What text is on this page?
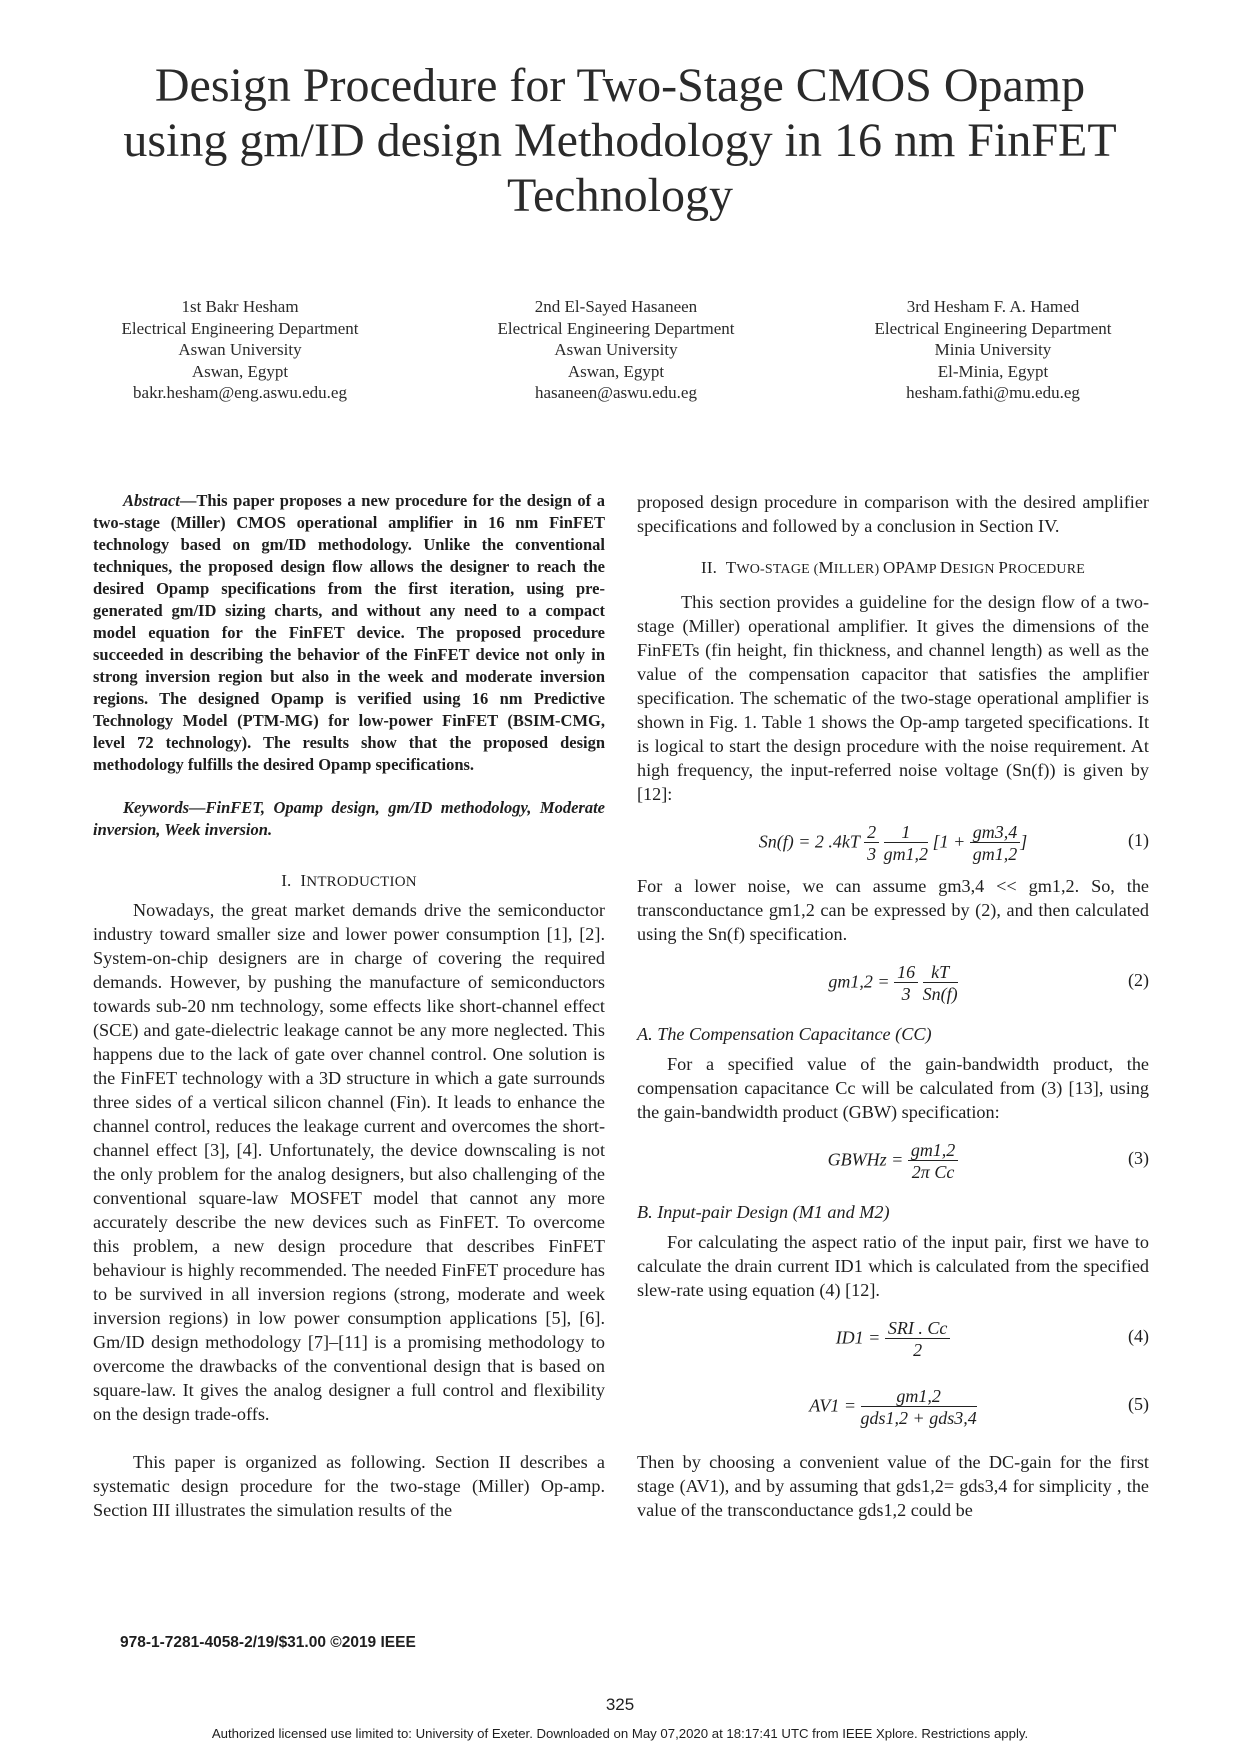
Design Procedure for Two-Stage CMOS Opamp
using gm/ID design Methodology in 16 nm FinFET
Technology
1st Bakr Hesham
Electrical Engineering Department
Aswan University
Aswan, Egypt
bakr.hesham@eng.aswu.edu.eg
2nd El-Sayed Hasaneen
Electrical Engineering Department
Aswan University
Aswan, Egypt
hasaneen@aswu.edu.eg
3rd Hesham F. A. Hamed
Electrical Engineering Department
Minia University
El-Minia, Egypt
hesham.fathi@mu.edu.eg

Abstract—This paper proposes a new procedure for the design of a two-stage (Miller) CMOS operational amplifier in 16 nm FinFET technology based on gm/ID methodology. Unlike the conventional techniques, the proposed design flow allows the designer to reach the desired Opamp specifications from the first iteration, using pre-generated gm/ID sizing charts, and without any need to a compact model equation for the FinFET device. The proposed procedure succeeded in describing the behavior of the FinFET device not only in strong inversion region but also in the week and moderate inversion regions. The designed Opamp is verified using 16 nm Predictive Technology Model (PTM-MG) for low-power FinFET (BSIM-CMG, level 72 technology). The results show that the proposed design methodology fulfills the desired Opamp specifications.

Keywords—FinFET, Opamp design, gm/ID methodology, Moderate inversion, Week inversion.

I. INTRODUCTION

Nowadays, the great market demands drive the semiconductor industry toward smaller size and lower power consumption [1], [2]. System-on-chip designers are in charge of covering the required demands. However, by pushing the manufacture of semiconductors towards sub-20 nm technology, some effects like short-channel effect (SCE) and gate-dielectric leakage cannot be any more neglected. This happens due to the lack of gate over channel control. One solution is the FinFET technology with a 3D structure in which a gate surrounds three sides of a vertical silicon channel (Fin). It leads to enhance the channel control, reduces the leakage current and overcomes the short-channel effect [3], [4]. Unfortunately, the device downscaling is not the only problem for the analog designers, but also challenging of the conventional square-law MOSFET model that cannot any more accurately describe the new devices such as FinFET. To overcome this problem, a new design procedure that describes FinFET behaviour is highly recommended. The needed FinFET procedure has to be survived in all inversion regions (strong, moderate and week inversion regions) in low power consumption applications [5], [6]. Gm/ID design methodology [7]–[11] is a promising methodology to overcome the drawbacks of the conventional design that is based on square-law. It gives the analog designer a full control and flexibility on the design trade-offs.

This paper is organized as following. Section II describes a systematic design procedure for the two-stage (Miller) Op-amp. Section III illustrates the simulation results of the

proposed design procedure in comparison with the desired amplifier specifications and followed by a conclusion in Section IV.

II. TWO-STAGE (MILLER) OPAMP DESIGN PROCEDURE

This section provides a guideline for the design flow of a two-stage (Miller) operational amplifier. It gives the dimensions of the FinFETs (fin height, fin thickness, and channel length) as well as the value of the compensation capacitor that satisfies the amplifier specification. The schematic of the two-stage operational amplifier is shown in Fig. 1. Table 1 shows the Op-amp targeted specifications. It is logical to start the design procedure with the noise requirement. At high frequency, the input-referred noise voltage (Sn(f)) is given by [12]:

Sn(f) = 2 $.4kT \frac{2}{3}$
$\frac{1}{gm1,2} [1 + \frac{gm3,4}{gm1,2}$ ]	(1)

For a lower noise, we can assume gm3,4 << gm1,2. So, the transconductance gm1,2 can be expressed by (2), and then calculated using the Sn(f) specification.

$gm1,2 = \frac{16}{3}$
$\frac{kT}{Sn(f)}$	(2)
A. The Compensation Capacitance (CC)

For a specified value of the gain-bandwidth product, the compensation capacitance Cc will be calculated from (3) [13], using the gain-bandwidth product (GBW) specification:

GBWHz = $\frac{gm1,2}{\text{2π Cc}}$	(3)
B. Input-pair Design (M1 and M2)

For calculating the aspect ratio of the input pair, first we have to calculate the drain current ID1 which is calculated from the specified slew-rate using equation (4) [12].

$ID1 = \frac{\text{SRI . Cc}}{2}$	(4)
$AV1 = \frac{gm1,2}{\text{gds1,2 + gds3,4}}$	(5)

Then by choosing a convenient value of the DC-gain for the first stage (AV1), and by assuming that gds1,2= gds3,4 for simplicity , the value of the transconductance gds1,2 could be

978-1-7281-4058-2/19/$31.00 ©2019 IEEE
325
Authorized licensed use limited to: University of Exeter. Downloaded on May 07,2020 at 18:17:41 UTC from IEEE Xplore. Restrictions apply.
